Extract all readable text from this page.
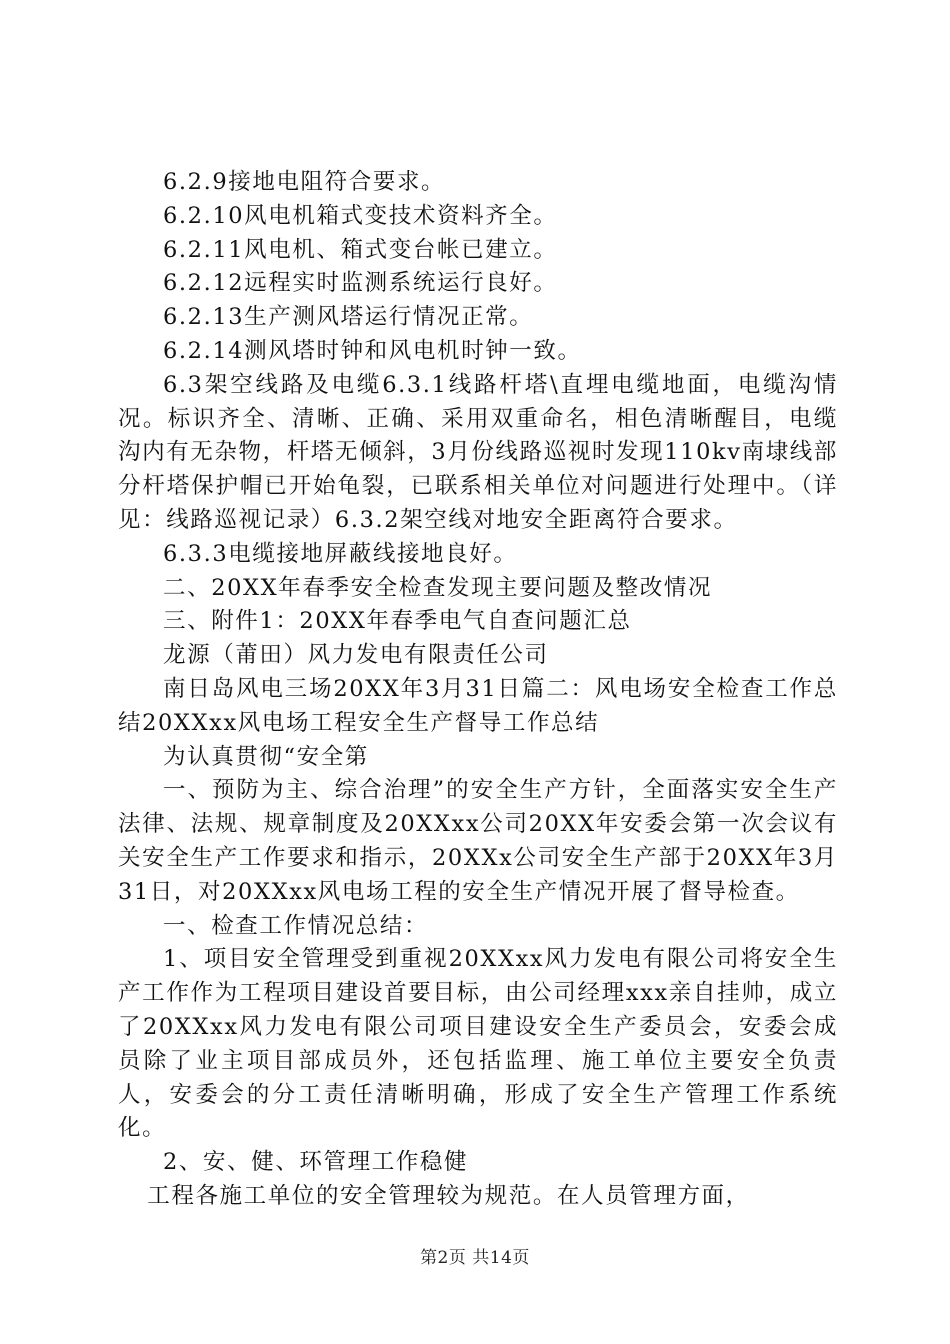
6.2.9接地电阻符合要求。

6.2.10风电机箱式变技术资料齐全。

6.2.11风电机、箱式变台帐已建立。

6.2.12远程实时监测系统运行良好。

6.2.13生产测风塔运行情况正常。

6.2.14测风塔时钟和风电机时钟一致。

6.3架空线路及电缆6.3.1线路杆塔\直埋电缆地面，电缆沟情况。标识齐全、清晰、正确、采用双重命名，相色清晰醒目，电缆沟内有无杂物，杆塔无倾斜，3月份线路巡视时发现110kv南埭线部分杆塔保护帽已开始龟裂，已联系相关单位对问题进行处理中。（详见：线路巡视记录）6.3.2架空线对地安全距离符合要求。

6.3.3电缆接地屏蔽线接地良好。

二、20XX年春季安全检查发现主要问题及整改情况

三、附件1：20XX年春季电气自查问题汇总

龙源（莆田）风力发电有限责任公司

南日岛风电三场20XX年3月31日篇二：风电场安全检查工作总结20XXxx风电场工程安全生产督导工作总结

为认真贯彻“安全第

一、预防为主、综合治理”的安全生产方针，全面落实安全生产法律、法规、规章制度及20XXxx公司20XX年安委会第一次会议有关安全生产工作要求和指示，20XXx公司安全生产部于20XX年3月31日，对20XXxx风电场工程的安全生产情况开展了督导检查。

一、检查工作情况总结：

1、项目安全管理受到重视20XXxx风力发电有限公司将安全生产工作作为工程项目建设首要目标，由公司经理xxx亲自挂帅，成立了20XXxx风力发电有限公司项目建设安全生产委员会，安委会成员除了业主项目部成员外，还包括监理、施工单位主要安全负责人，安委会的分工责任清晰明确，形成了安全生产管理工作系统化。

2、安、健、环管理工作稳健

工程各施工单位的安全管理较为规范。在人员管理方面，

第2页 共14页
